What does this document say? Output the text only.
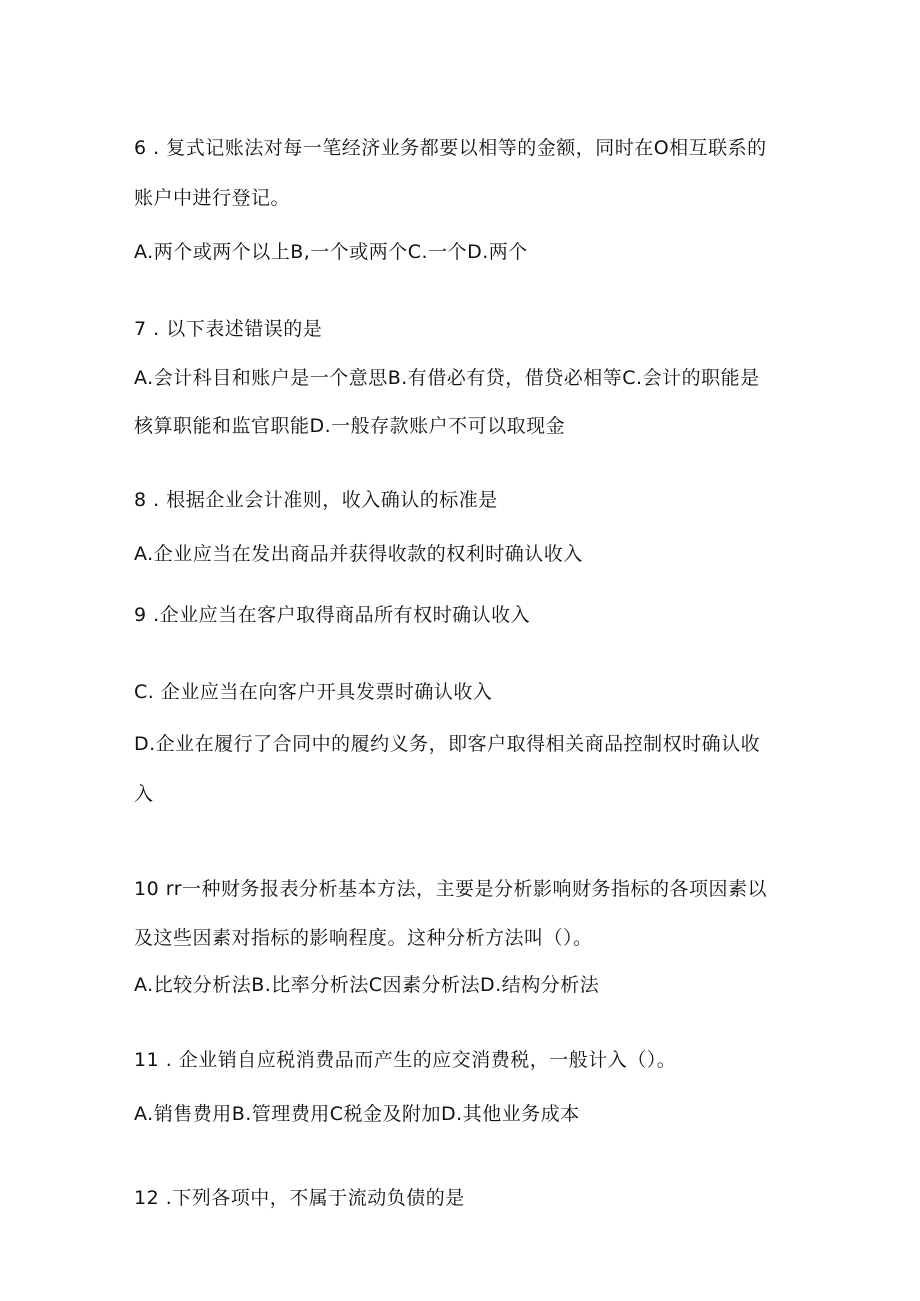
6 . 复式记账法对每一笔经济业务都要以相等的金额，同时在O相互联系的
账户中进行登记。
A.两个或两个以上B,一个或两个C.一个D.两个
7 . 以下表述错误的是
A.会计科目和账户是一个意思B.有借必有贷，借贷必相等C.会计的职能是
核算职能和监官职能D.一般存款账户不可以取现金
8 . 根据企业会计准则，收入确认的标准是
A.企业应当在发出商品并获得收款的权利时确认收入
9 .企业应当在客户取得商品所有权时确认收入
C. 企业应当在向客户开具发票时确认收入
D.企业在履行了合同中的履约义务，即客户取得相关商品控制权时确认收
入
10 rr一种财务报表分析基本方法，主要是分析影响财务指标的各项因素以
及这些因素对指标的影响程度。这种分析方法叫（）。
A.比较分析法B.比率分析法C因素分析法D.结构分析法
11 . 企业销自应税消费品而产生的应交消费税，一般计入（）。
A.销售费用B.管理费用C税金及附加D.其他业务成本
12 .下列各项中，不属于流动负债的是
